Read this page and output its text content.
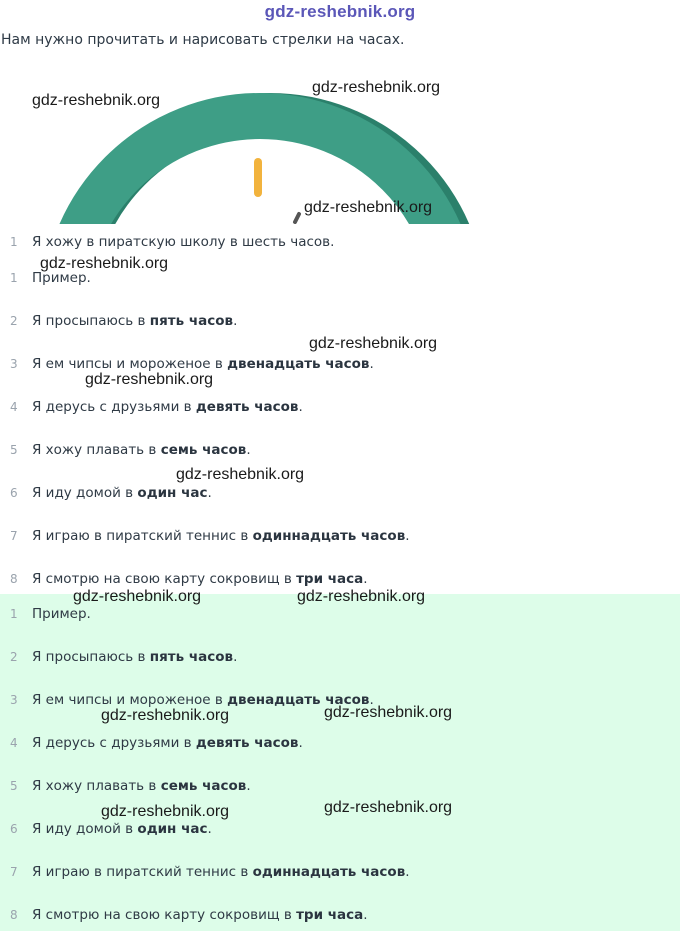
gdz-reshebnik.org
Нам нужно прочитать и нарисовать стрелки на часах.
1 Я хожу в пиратскую школу в шесть часов.
1 Пример.
2 Я просыпаюсь в пять часов.
3 Я ем чипсы и мороженое в двенадцать часов.
4 Я дерусь с друзьями в девять часов.
5 Я хожу плавать в семь часов.
6 Я иду домой в один час.
7 Я играю в пиратский теннис в одиннадцать часов.
8 Я смотрю на свою карту сокровищ в три часа.
1 Пример.
2 Я просыпаюсь в пять часов.
3 Я ем чипсы и мороженое в двенадцать часов.
4 Я дерусь с друзьями в девять часов.
5 Я хожу плавать в семь часов.
6 Я иду домой в один час.
7 Я играю в пиратский теннис в одиннадцать часов.
8 Я смотрю на свою карту сокровищ в три часа.
gdz-reshebnik.org
gdz-reshebnik.org
gdz-reshebnik.org
gdz-reshebnik.org
gdz-reshebnik.org
gdz-reshebnik.org
gdz-reshebnik.org
gdz-reshebnik.org	gdz-reshebnik.org
gdz-reshebnik.org	gdz-reshebnik.org
gdz-reshebnik.org	gdz-reshebnik.org
